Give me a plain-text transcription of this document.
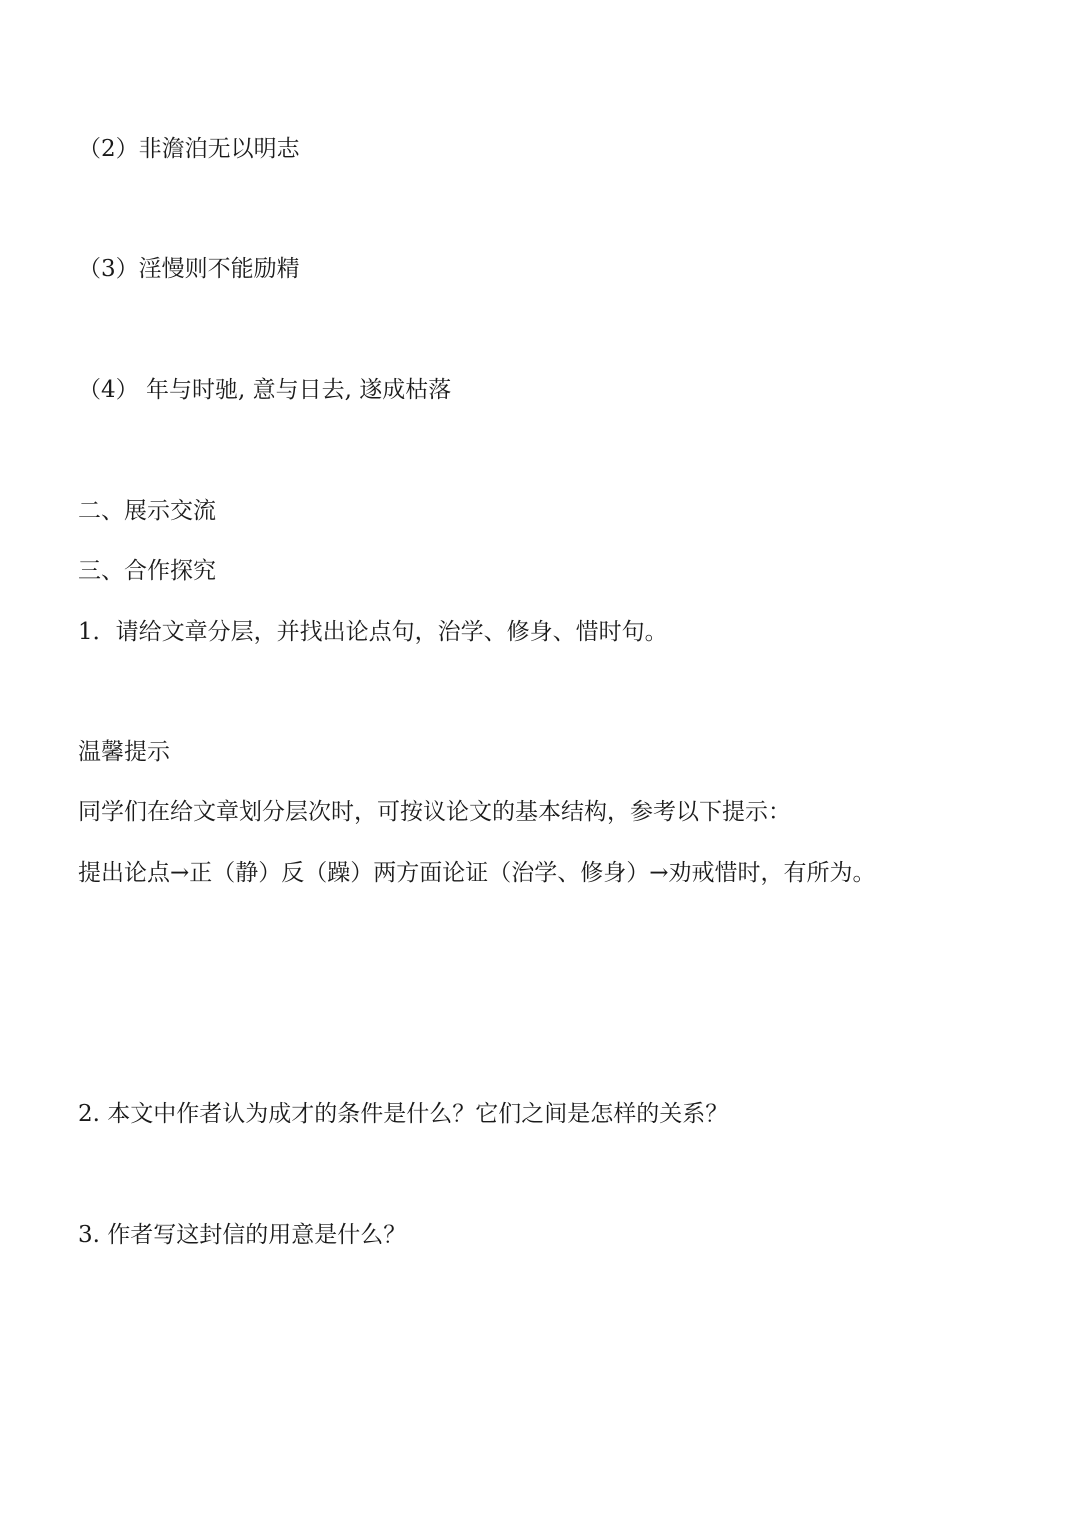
（2）非澹泊无以明志
（3）淫慢则不能励精
（4） 年与时驰, 意与日去, 遂成枯落
二、展示交流
三、合作探究
1．请给文章分层，并找出论点句，治学、修身、惜时句。
温馨提示
同学们在给文章划分层次时，可按议论文的基本结构，参考以下提示：
提出论点→正（静）反（躁）两方面论证（治学、修身）→劝戒惜时，有所为。
2. 本文中作者认为成才的条件是什么？它们之间是怎样的关系？
3. 作者写这封信的用意是什么？
